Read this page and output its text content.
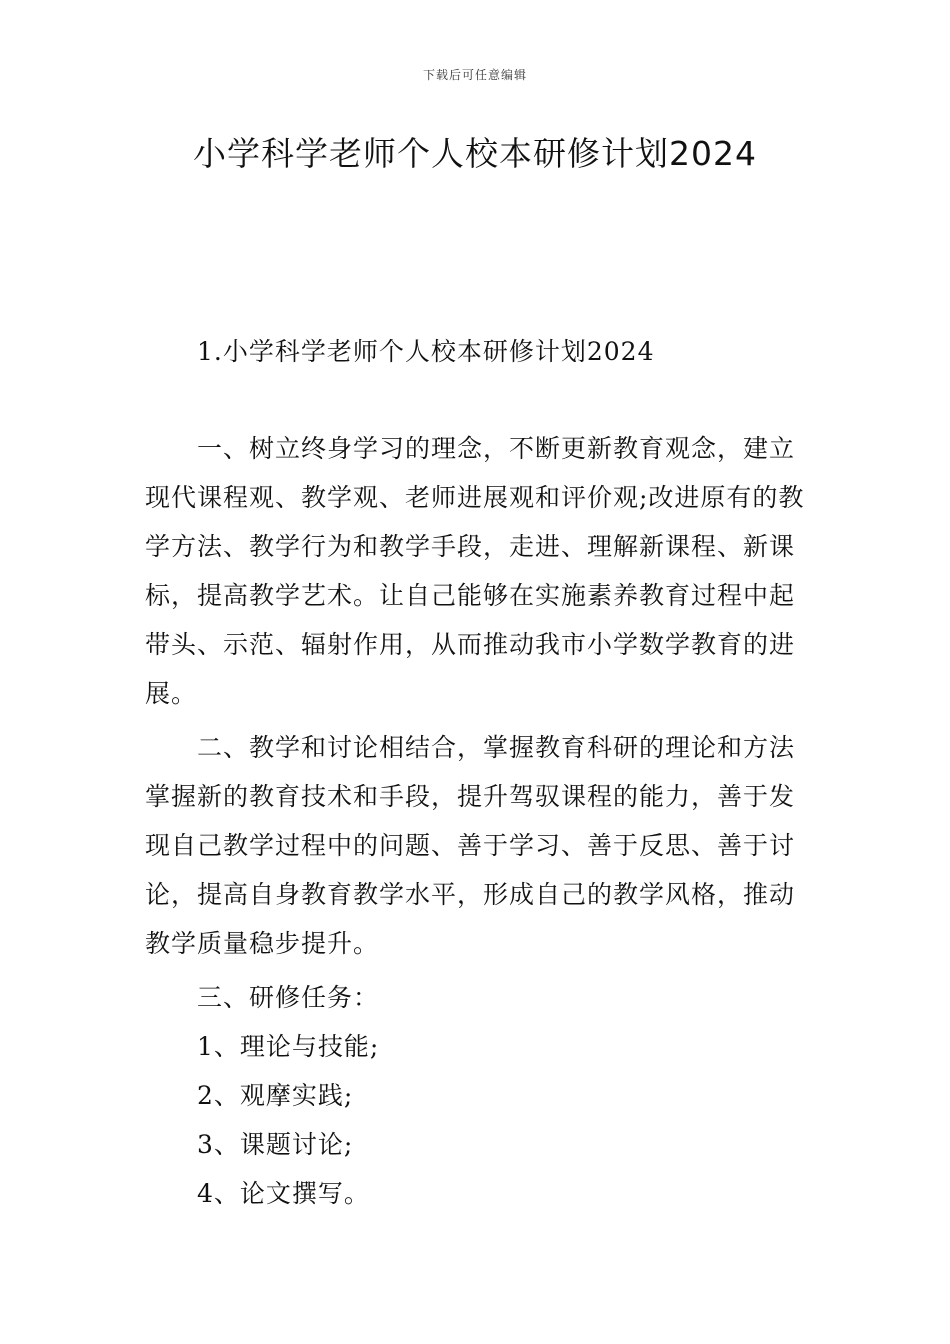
下载后可任意编辑
小学科学老师个人校本研修计划2024

1.小学科学老师个人校本研修计划2024

一、树立终身学习的理念，不断更新教育观念，建立现代课程观、教学观、老师进展观和评价观;改进原有的教学方法、教学行为和教学手段，走进、理解新课程、新课标，提高教学艺术。让自己能够在实施素养教育过程中起带头、示范、辐射作用，从而推动我市小学数学教育的进展。

二、教学和讨论相结合，掌握教育科研的理论和方法掌握新的教育技术和手段，提升驾驭课程的能力，善于发现自己教学过程中的问题、善于学习、善于反思、善于讨论，提高自身教育教学水平，形成自己的教学风格，推动教学质量稳步提升。

三、研修任务：

1、理论与技能;

2、观摩实践;

3、课题讨论;

4、论文撰写。
